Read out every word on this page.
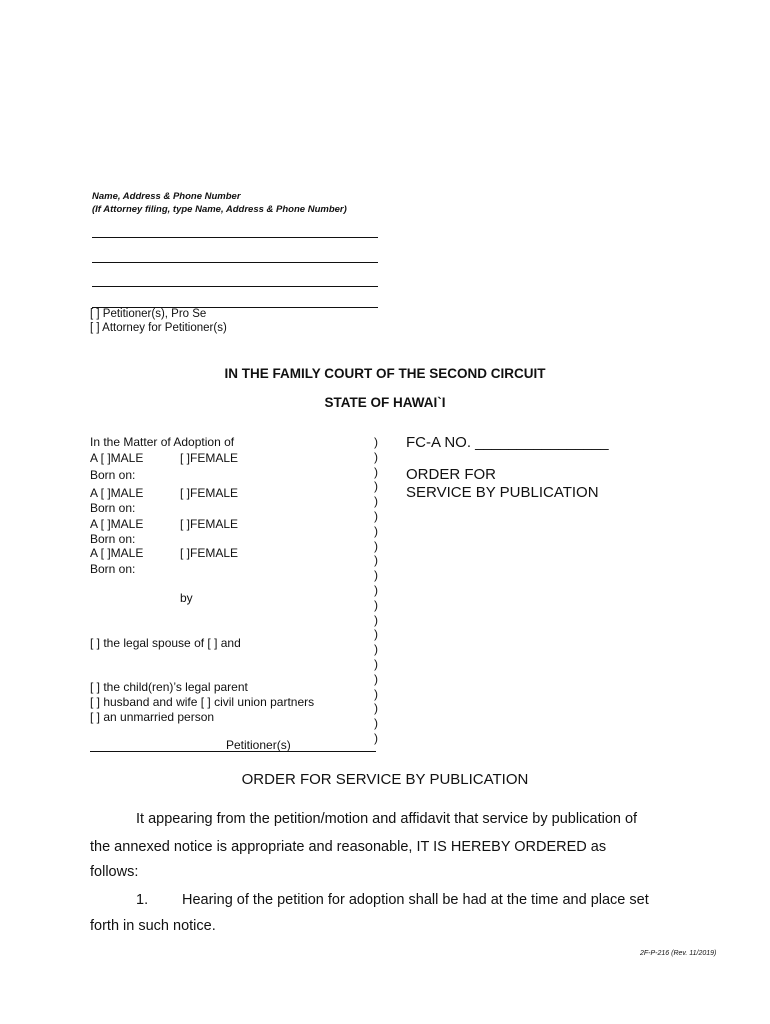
Name, Address & Phone Number
(If Attorney filing, type Name, Address & Phone Number)
[ ] Petitioner(s), Pro Se
[ ] Attorney for Petitioner(s)
IN THE FAMILY COURT OF THE SECOND CIRCUIT
STATE OF HAWAI`I
In the Matter of Adoption of
A [ ]MALE	[ ]FEMALE
Born on:
A [ ]MALE	[ ]FEMALE
Born on:
A [ ]MALE	[ ]FEMALE
Born on:
A [ ]MALE	[ ]FEMALE
Born on:
by
[ ] the legal spouse of [ ] and
[ ] the child(ren)’s legal parent
[ ] husband and wife [ ] civil union partners
[ ] an unmarried person
Petitioner(s)
)
)
)
)
)
)
)
)
)
)
)
)
)
)
)
)
)
)
)
)
)
FC-A NO. ________________
ORDER FOR
SERVICE BY PUBLICATION
ORDER FOR SERVICE BY PUBLICATION
It appearing from the petition/motion and affidavit that service by publication of
the annexed notice is appropriate and reasonable, IT IS HEREBY ORDERED as
follows:
1. Hearing of the petition for adoption shall be had at the time and place set
forth in such notice.
2F-P-216 (Rev. 11/2019)
